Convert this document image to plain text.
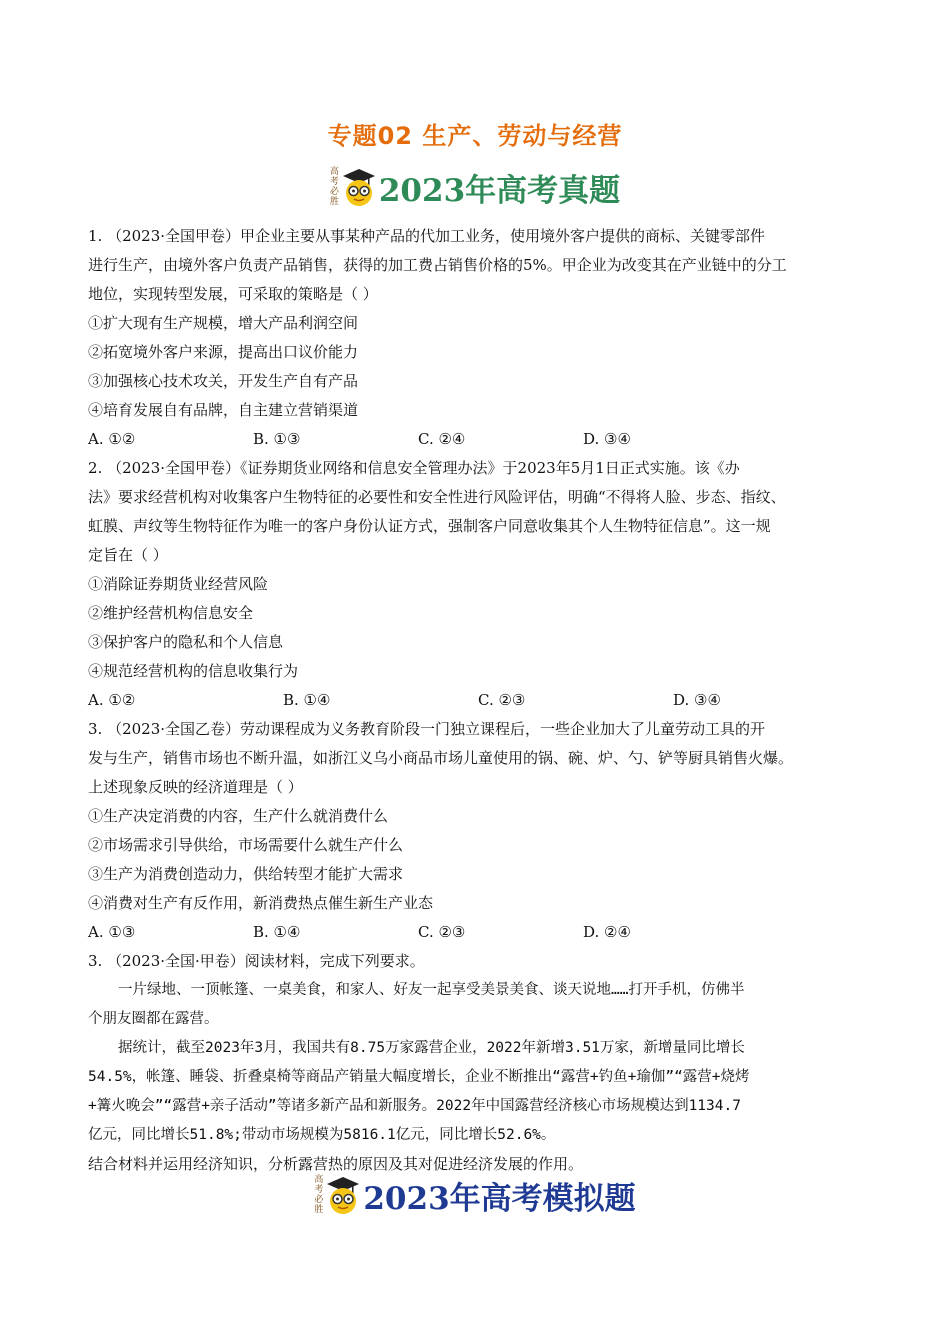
专题02 生产、劳动与经营
高
考
必
胜 2023年高考真题
1. （2023·全国甲卷）甲企业主要从事某种产品的代加工业务，使用境外客户提供的商标、关键零部件
进行生产，由境外客户负责产品销售，获得的加工费占销售价格的5%。甲企业为改变其在产业链中的分工
地位，实现转型发展，可采取的策略是（ ）
①扩大现有生产规模，增大产品利润空间
②拓宽境外客户来源，提高出口议价能力
③加强核心技术攻关，开发生产自有产品
④培育发展自有品牌，自主建立营销渠道
A. ①②	B. ①③	C. ②④	D. ③④
2. （2023·全国甲卷）《证券期货业网络和信息安全管理办法》于2023年5月1日正式实施。该《办
法》要求经营机构对收集客户生物特征的必要性和安全性进行风险评估，明确“不得将人脸、步态、指纹、
虹膜、声纹等生物特征作为唯一的客户身份认证方式，强制客户同意收集其个人生物特征信息”。这一规
定旨在（ ）
①消除证券期货业经营风险
②维护经营机构信息安全
③保护客户的隐私和个人信息
④规范经营机构的信息收集行为
A. ①②	B. ①④	C. ②③	D. ③④
3. （2023·全国乙卷）劳动课程成为义务教育阶段一门独立课程后，一些企业加大了儿童劳动工具的开
发与生产，销售市场也不断升温，如浙江义乌小商品市场儿童使用的锅、碗、炉、勺、铲等厨具销售火爆。
上述现象反映的经济道理是（ ）
①生产决定消费的内容，生产什么就消费什么
②市场需求引导供给，市场需要什么就生产什么
③生产为消费创造动力，供给转型才能扩大需求
④消费对生产有反作用，新消费热点催生新生产业态
A. ①③	B. ①④	C. ②③	D. ②④
3. （2023·全国·甲卷）阅读材料，完成下列要求。
一片绿地、一顶帐篷、一桌美食，和家人、好友一起享受美景美食、谈天说地……打开手机，仿佛半
个朋友圈都在露营。
据统计，截至2023年3月，我国共有8.75万家露营企业，2022年新增3.51万家，新增量同比增长
54.5%，帐篷、睡袋、折叠桌椅等商品产销量大幅度增长，企业不断推出“露营+钓鱼+瑜伽”“露营+烧烤
+篝火晚会”“露营+亲子活动”等诸多新产品和新服务。2022年中国露营经济核心市场规模达到1134.7
亿元，同比增长51.8%;带动市场规模为5816.1亿元，同比增长52.6%。
结合材料并运用经济知识，分析露营热的原因及其对促进经济发展的作用。
高
考
必
胜 2023年高考模拟题
